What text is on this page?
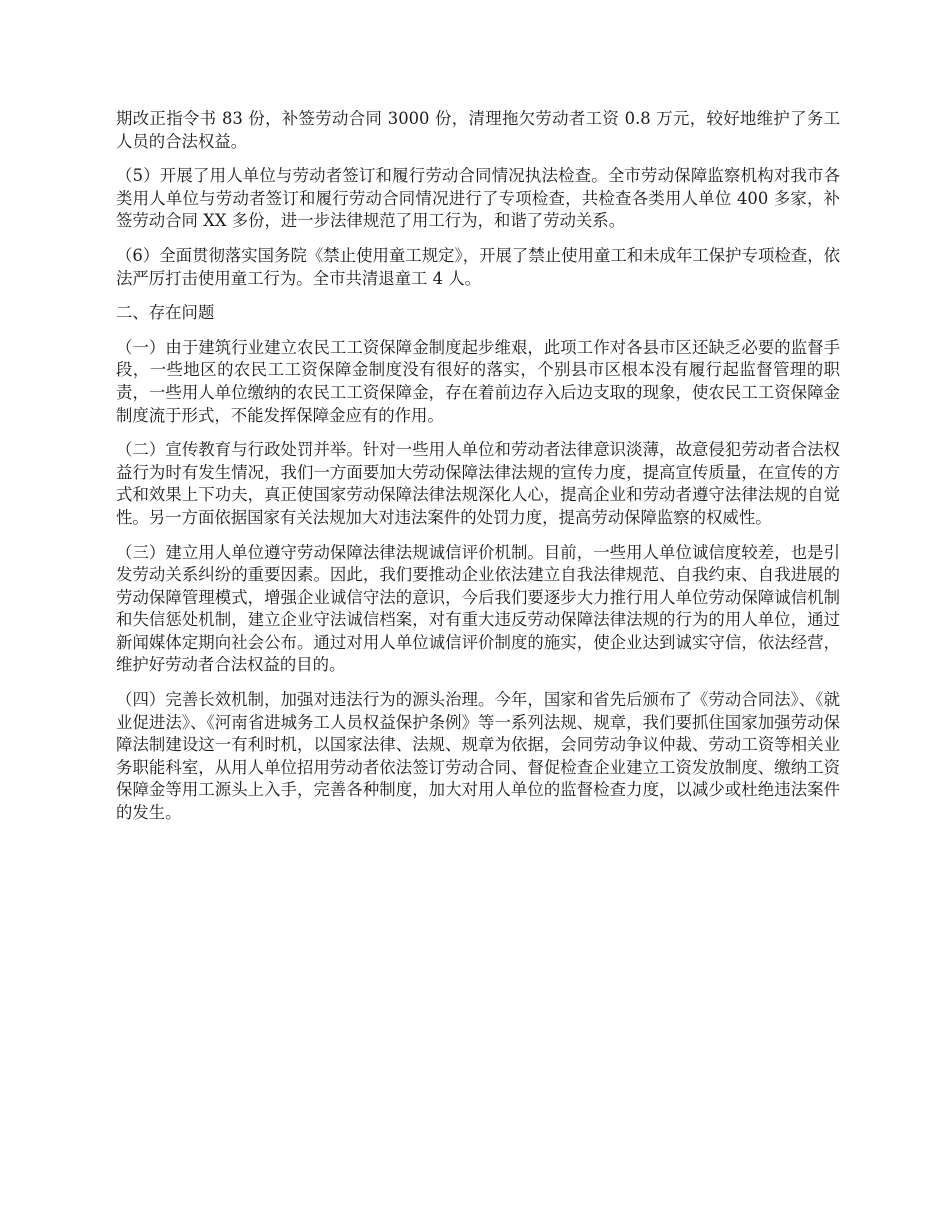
期改正指令书 83 份，补签劳动合同 3000 份，清理拖欠劳动者工资 0.8 万元，较好地维护了务工人员的合法权益。

（5）开展了用人单位与劳动者签订和履行劳动合同情况执法检查。全市劳动保障监察机构对我市各类用人单位与劳动者签订和履行劳动合同情况进行了专项检查，共检查各类用人单位 400 多家，补签劳动合同 XX 多份，进一步法律规范了用工行为，和谐了劳动关系。

（6）全面贯彻落实国务院《禁止使用童工规定》，开展了禁止使用童工和未成年工保护专项检查，依法严厉打击使用童工行为。全市共清退童工 4 人。

二、存在问题

（一）由于建筑行业建立农民工工资保障金制度起步维艰，此项工作对各县市区还缺乏必要的监督手段，一些地区的农民工工资保障金制度没有很好的落实，个别县市区根本没有履行起监督管理的职责，一些用人单位缴纳的农民工工资保障金，存在着前边存入后边支取的现象，使农民工工资保障金制度流于形式，不能发挥保障金应有的作用。

（二）宣传教育与行政处罚并举。针对一些用人单位和劳动者法律意识淡薄，故意侵犯劳动者合法权益行为时有发生情况，我们一方面要加大劳动保障法律法规的宣传力度，提高宣传质量，在宣传的方式和效果上下功夫，真正使国家劳动保障法律法规深化人心，提高企业和劳动者遵守法律法规的自觉性。另一方面依据国家有关法规加大对违法案件的处罚力度，提高劳动保障监察的权威性。

（三）建立用人单位遵守劳动保障法律法规诚信评价机制。目前，一些用人单位诚信度较差，也是引发劳动关系纠纷的重要因素。因此，我们要推动企业依法建立自我法律规范、自我约束、自我进展的劳动保障管理模式，增强企业诚信守法的意识，今后我们要逐步大力推行用人单位劳动保障诚信机制和失信惩处机制，建立企业守法诚信档案，对有重大违反劳动保障法律法规的行为的用人单位，通过新闻媒体定期向社会公布。通过对用人单位诚信评价制度的施实，使企业达到诚实守信，依法经营，维护好劳动者合法权益的目的。

（四）完善长效机制，加强对违法行为的源头治理。今年，国家和省先后颁布了《劳动合同法》、《就业促进法》、《河南省进城务工人员权益保护条例》等一系列法规、规章，我们要抓住国家加强劳动保障法制建设这一有利时机，以国家法律、法规、规章为依据，会同劳动争议仲裁、劳动工资等相关业务职能科室，从用人单位招用劳动者依法签订劳动合同、督促检查企业建立工资发放制度、缴纳工资保障金等用工源头上入手，完善各种制度，加大对用人单位的监督检查力度，以减少或杜绝违法案件的发生。
